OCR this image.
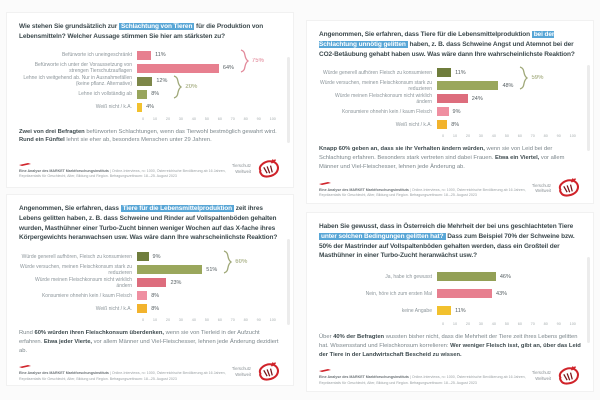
Wie stehen Sie grundsätzlich zur Schlachtung von Tieren für die Produktion von Lebensmitteln? Welcher Aussage stimmen Sie hier am stärksten zu?
Befürworte ich uneingeschränkt	11%
Befürworte ich unter der Voraussetzung von strengen Tierschutzauflagen	64%
Lehne ich weitgehend ab. Nur in Ausnahmefällen (keine pflanz. Alternative)	12%
Lehne ich vollständig ab	8%
Weiß nicht / k.A.	4%
0 10 20 30 40 50 60 70 80 90 100
75%
20%
Zwei von drei Befragten befürworten Schlachtungen, wenn das Tierwohl bestmöglich gewahrt wird. Rund ein Fünftel lehnt sie eher ab, besonders Menschen unter 29 Jahren.
Eine Analyse des MARKET Marktforschungsinstituts | Online-Interviews, n= 1000, Österreichische Bevölkerung ab 16 Jahren,
Repräsentativ für Geschlecht, Alter, Bildung und Region. Befragungszeitraum: 18.–25. August 2023
Tierschutz
Weltweit
Angenommen, Sie erfahren, dass Tiere für die Lebensmittelproduktion bei der Schlachtung unnötig gelitten haben, z. B. dass Schweine Angst und Atemnot bei der CO2-Betäubung gehabt haben usw. Was wäre dann Ihre wahrscheinlichste Reaktion?
Würde generell aufhören Fleisch zu konsumieren	11%
Würde versuchen, meinen Fleischkonsum stark zu reduzieren	48%
Würde meinen Fleischkonsum nicht wirklich ändern	24%
Konsumiere ohnehin kein / kaum Fleisch	9%
Weiß nicht / k.A.	8%
0 10 20 30 40 50 60 70 80 90 100
59%
Knapp 60% geben an, dass sie ihr Verhalten ändern würden, wenn sie von Leid bei der Schlachtung erfahren. Besonders stark vertreten sind dabei Frauen. Etwa ein Viertel, vor allem Männer und Viel-Fleischesser, lehnen jede Änderung ab.
Eine Analyse des MARKET Marktforschungsinstituts | Online-Interviews, n= 1000, Österreichische Bevölkerung ab 16 Jahren,
Repräsentativ für Geschlecht, Alter, Bildung und Region. Befragungszeitraum: 18.–25. August 2023
Tierschutz
Weltweit
Angenommen, Sie erfahren, dass Tiere für die Lebensmittelproduktion zeit ihres Lebens gelitten haben, z. B. dass Schweine und Rinder auf Vollspaltenböden gehalten wurden, Masthühner einer Turbo-Zucht binnen weniger Wochen auf das X-fache ihres Körpergewichts heranwachsen usw. Was wäre dann Ihre wahrscheinlichste Reaktion?
Würde generell aufhören, Fleisch zu konsumieren	9%
Würde versuchen, meinen Fleischkonsum stark zu reduzieren	51%
Würde meinen Fleischkonsum nicht wirklich ändern	23%
Konsumiere ohnehin kein / kaum Fleisch	8%
Weiß nicht / k.A.	8%
0 10 20 30 40 50 60 70 80 90 100
60%
Rund 60% würden ihren Fleischkonsum überdenken, wenn sie von Tierleid in der Aufzucht erfahren. Etwa jeder Vierte, vor allem Männer und Viel-Fleischesser, lehnen jede Änderung dezidiert ab.
Eine Analyse des MARKET Marktforschungsinstituts | Online-Interviews, n= 1000, Österreichische Bevölkerung ab 16 Jahren,
Repräsentativ für Geschlecht, Alter, Bildung und Region. Befragungszeitraum: 18.–25. August 2023
Tierschutz
Weltweit
Haben Sie gewusst, dass in Österreich die Mehrheit der bei uns geschlachteten Tiere unter solchen Bedingungen gelitten hat? Dass zum Beispiel 70% der Schweine bzw. 50% der Mastrinder auf Vollspaltenböden gehalten werden, dass ein Großteil der Masthühner in einer Turbo-Zucht heranwächst usw.?
Ja, habe ich gewusst	46%
Nein, höre ich zum ersten Mal	43%
keine Angabe	11%
0 10 20 30 40 50 60 70 80 90 100
Über 40% der Befragten wussten bisher nicht, dass die Mehrheit der Tiere zeit ihres Lebens gelitten hat. Wissensstand und Fleischkonsum korrelieren: Wer weniger Fleisch isst, gibt an, über das Leid der Tiere in der Landwirtschaft Bescheid zu wissen.
Eine Analyse des MARKET Marktforschungsinstituts | Online-Interviews, n= 1000, Österreichische Bevölkerung ab 16 Jahren,
Repräsentativ für Geschlecht, Alter, Bildung und Region. Befragungszeitraum: 18.–25. August 2023
Tierschutz
Weltweit
